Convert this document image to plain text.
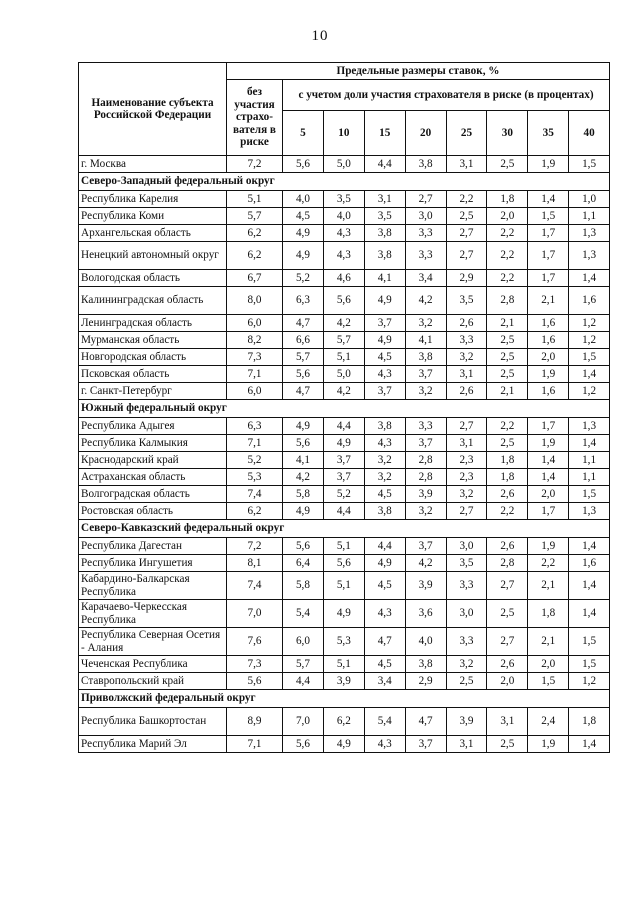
10
Наименование субъекта Российской Федерации	Предельные размеры ставок, %								
	без участия страхо-вателя в риске	с учетом доли участия страхователя в риске (в процентах)							
		5	10	15	20	25	30	35	40

г. Москва	7,2	5,6	5,0	4,4	3,8	3,1	2,5	1,9	1,5
Северо-Западный федеральный округ									
Республика Карелия	5,1	4,0	3,5	3,1	2,7	2,2	1,8	1,4	1,0
Республика Коми	5,7	4,5	4,0	3,5	3,0	2,5	2,0	1,5	1,1
Архангельская область	6,2	4,9	4,3	3,8	3,3	2,7	2,2	1,7	1,3
Ненецкий автономный округ	6,2	4,9	4,3	3,8	3,3	2,7	2,2	1,7	1,3
Вологодская область	6,7	5,2	4,6	4,1	3,4	2,9	2,2	1,7	1,4
Калининградская область	8,0	6,3	5,6	4,9	4,2	3,5	2,8	2,1	1,6
Ленинградская область	6,0	4,7	4,2	3,7	3,2	2,6	2,1	1,6	1,2
Мурманская область	8,2	6,6	5,7	4,9	4,1	3,3	2,5	1,6	1,2
Новгородская область	7,3	5,7	5,1	4,5	3,8	3,2	2,5	2,0	1,5
Псковская область	7,1	5,6	5,0	4,3	3,7	3,1	2,5	1,9	1,4
г. Санкт-Петербург	6,0	4,7	4,2	3,7	3,2	2,6	2,1	1,6	1,2
Южный федеральный округ									
Республика Адыгея	6,3	4,9	4,4	3,8	3,3	2,7	2,2	1,7	1,3
Республика Калмыкия	7,1	5,6	4,9	4,3	3,7	3,1	2,5	1,9	1,4
Краснодарский край	5,2	4,1	3,7	3,2	2,8	2,3	1,8	1,4	1,1
Астраханская область	5,3	4,2	3,7	3,2	2,8	2,3	1,8	1,4	1,1
Волгоградская область	7,4	5,8	5,2	4,5	3,9	3,2	2,6	2,0	1,5
Ростовская область	6,2	4,9	4,4	3,8	3,2	2,7	2,2	1,7	1,3
Северо-Кавказский федеральный округ									
Республика Дагестан	7,2	5,6	5,1	4,4	3,7	3,0	2,6	1,9	1,4
Республика Ингушетия	8,1	6,4	5,6	4,9	4,2	3,5	2,8	2,2	1,6
Кабардино-Балкарская Республика	7,4	5,8	5,1	4,5	3,9	3,3	2,7	2,1	1,4
Карачаево-Черкесская Республика	7,0	5,4	4,9	4,3	3,6	3,0	2,5	1,8	1,4
Республика Северная Осетия - Алания	7,6	6,0	5,3	4,7	4,0	3,3	2,7	2,1	1,5
Чеченская Республика	7,3	5,7	5,1	4,5	3,8	3,2	2,6	2,0	1,5
Ставропольский край	5,6	4,4	3,9	3,4	2,9	2,5	2,0	1,5	1,2
Приволжский федеральный округ									
Республика Башкортостан	8,9	7,0	6,2	5,4	4,7	3,9	3,1	2,4	1,8
Республика Марий Эл	7,1	5,6	4,9	4,3	3,7	3,1	2,5	1,9	1,4
